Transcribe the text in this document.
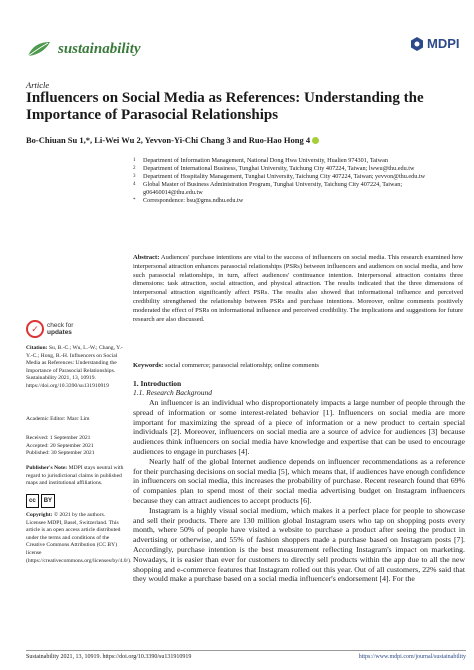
sustainability	MDPI
Article
Influencers on Social Media as References: Understanding the Importance of Parasocial Relationships
Bo-Chiuan Su 1,*, Li-Wei Wu 2, Yevvon-Yi-Chi Chang 3 and Ruo-Hao Hong 4
1	Department of Information Management, National Dong Hwa University, Hualien 974301, Taiwan
2	Department of International Business, Tunghai University, Taichung City 407224, Taiwan; lwwu@thu.edu.tw
3	Department of Hospitality Management, Tunghai University, Taichung City 407224, Taiwan; yevvon@thu.edu.tw
4	Global Master of Business Administration Program, Tunghai University, Taichung City 407224, Taiwan; g06460014@thu.edu.tw
*	Correspondence: bsu@gms.ndhu.edu.tw
Abstract: Audiences' purchase intentions are vital to the success of influencers on social media. This research examined how interpersonal attraction enhances parasocial relationships (PSRs) between influencers and audiences on social media, and how such parasocial relationships, in turn, affect audiences' continuance intention. Interpersonal attraction contains three dimensions: task attraction, social attraction, and physical attraction. The results indicated that the three dimensions of interpersonal attraction significantly affect PSRs. The results also showed that informational influence and perceived credibility strengthened the relationship between PSRs and purchase intentions. Moreover, online comments positively moderated the effect of PSRs on informational influence and perceived credibility. The implications and suggestions for future research are also discussed.
Keywords: social commerce; parasocial relationship; online comments
✓	check for
updates
Citation: Su, B.-C.; Wu, L.-W.; Chang, Y.-Y.-C.; Hong, R.-H. Influencers on Social Media as References: Understanding the Importance of Parasocial Relationships. Sustainability 2021, 13, 10919. https://doi.org/10.3390/su131910919
Academic Editor: Marc Lim
Received: 1 September 2021
Accepted: 20 September 2021
Published: 30 September 2021
Publisher's Note: MDPI stays neutral with regard to jurisdictional claims in published maps and institutional affiliations.
cc	BY
Copyright: © 2021 by the authors. Licensee MDPI, Basel, Switzerland. This article is an open access article distributed under the terms and conditions of the Creative Commons Attribution (CC BY) license (https://creativecommons.org/licenses/by/4.0/).
1. Introduction
1.1. Research Background

An influencer is an individual who disproportionately impacts a large number of people through the spread of information or some interest-related behavior [1]. Influencers on social media are more important for maximizing the spread of a piece of information or a new product to certain special individuals [2]. Moreover, influencers on social media are a source of advice for audiences [3] because audiences think influencers on social media have knowledge and expertise that can be used to encourage audiences to engage in purchases [4].

Nearly half of the global Internet audience depends on influencer recommendations as a reference for their purchasing decisions on social media [5], which means that, if audiences have enough confidence in influencers on social media, this increases the probability of purchase. Recent research found that 69% of companies plan to spend most of their social media advertising budget on Instagram influencers because they can attract audiences to accept products [6].

Instagram is a highly visual social medium, which makes it a perfect place for people to showcase and sell their products. There are 130 million global Instagram users who tap on shopping posts every month, where 50% of people have visited a website to purchase a product after seeing the product in advertising or otherwise, and 55% of fashion shoppers made a purchase based on Instagram posts [7]. Accordingly, purchase intention is the best measurement reflecting Instagram's impact on marketing. Nowadays, it is easier than ever for customers to directly sell products within the app due to all the new shopping and e-commerce features that Instagram rolled out this year. Out of all customers, 22% said that they would make a purchase based on a social media influencer's endorsement [4]. For the

Sustainability 2021, 13, 10919. https://doi.org/10.3390/su131910919	https://www.mdpi.com/journal/sustainability
